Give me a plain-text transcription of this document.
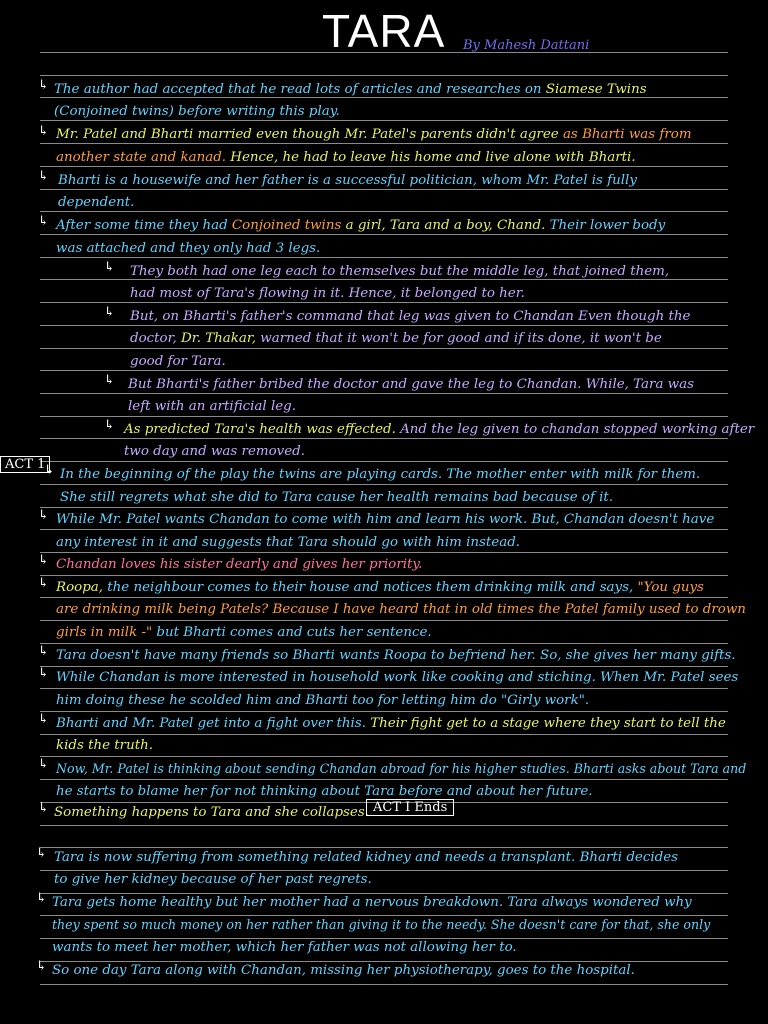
TARA By Mahesh Dattani
↳ The author had accepted that he read lots of articles and researches on Siamese Twins
(Conjoined twins) before writing this play.
↳ Mr. Patel and Bharti married even though Mr. Patel's parents didn't agree as Bharti was from
another state and kanad. Hence, he had to leave his home and live alone with Bharti.
↳ Bharti is a housewife and her father is a successful politician, whom Mr. Patel is fully
dependent.
↳ After some time they had Conjoined twins a girl, Tara and a boy, Chand. Their lower body
was attached and they only had 3 legs.
↳ They both had one leg each to themselves but the middle leg, that joined them,
had most of Tara's flowing in it. Hence, it belonged to her.
↳ But, on Bharti's father's command that leg was given to Chandan Even though the
doctor, Dr. Thakar, warned that it won't be for good and if its done, it won't be
good for Tara.
↳ But Bharti's father bribed the doctor and gave the leg to Chandan. While, Tara was
left with an artificial leg.
↳ As predicted Tara's health was effected. And the leg given to chandan stopped working after
two day and was removed.
ACT 1
↳ In the beginning of the play the twins are playing cards. The mother enter with milk for them.
She still regrets what she did to Tara cause her health remains bad because of it.
↳ While Mr. Patel wants Chandan to come with him and learn his work. But, Chandan doesn't have
any interest in it and suggests that Tara should go with him instead.
↳ Chandan loves his sister dearly and gives her priority.
↳ Roopa, the neighbour comes to their house and notices them drinking milk and says, "You guys
are drinking milk being Patels? Because I have heard that in old times the Patel family used to drown
girls in milk -" but Bharti comes and cuts her sentence.
↳ Tara doesn't have many friends so Bharti wants Roopa to befriend her. So, she gives her many gifts.
↳ While Chandan is more interested in household work like cooking and stiching. When Mr. Patel sees
him doing these he scolded him and Bharti too for letting him do "Girly work".
↳ Bharti and Mr. Patel get into a fight over this. Their fight get to a stage where they start to tell the
kids the truth.
↳ Now, Mr. Patel is thinking about sending Chandan abroad for his higher studies. Bharti asks about Tara and
he starts to blame her for not thinking about Tara before and about her future.
↳ Something happens to Tara and she collapses. ACT I Ends
↳ Tara is now suffering from something related kidney and needs a transplant. Bharti decides
to give her kidney because of her past regrets.
↳ Tara gets home healthy but her mother had a nervous breakdown. Tara always wondered why
they spent so much money on her rather than giving it to the needy. She doesn't care for that, she only
wants to meet her mother, which her father was not allowing her to.
↳ So one day Tara along with Chandan, missing her physiotherapy, goes to the hospital.
